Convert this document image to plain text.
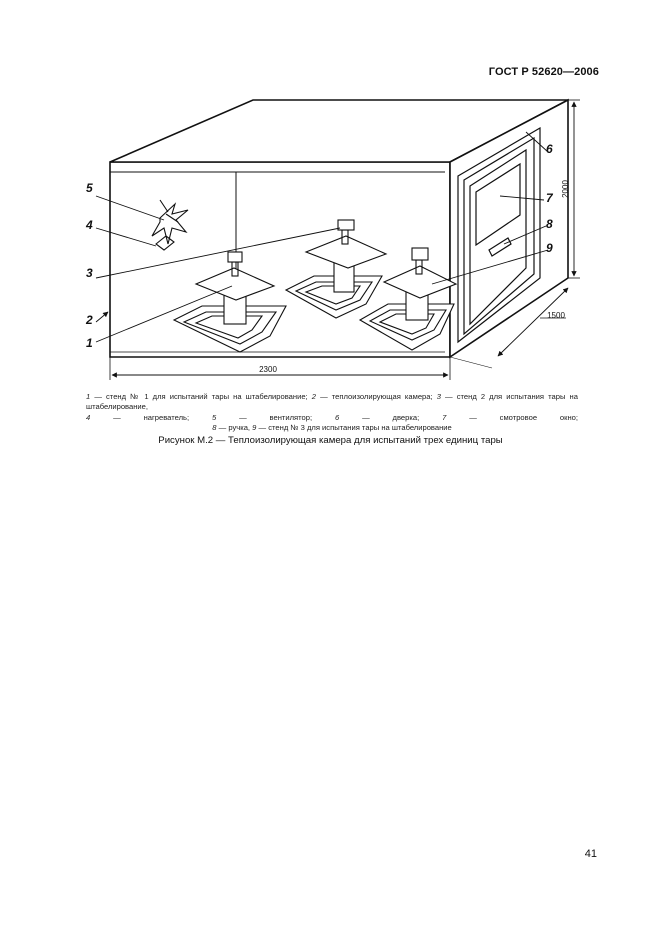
ГОСТ Р 52620—2006
2300
2000
1500
5
4
3
2
1
6
7
8
9
1 — стенд № 1 для испытаний тары на штабелирование; 2 — теплоизолирующая камера; 3 — стенд 2 для испытания тары на штабелирование,
4	— нагреватель;	5	— вентилятор;	6	— дверка;	7	— смотровое окно;
8 — ручка, 9 — стенд № 3 для испытания тары на штабелирование
Рисунок М.2 — Теплоизолирующая камера для испытаний трех единиц тары
41
